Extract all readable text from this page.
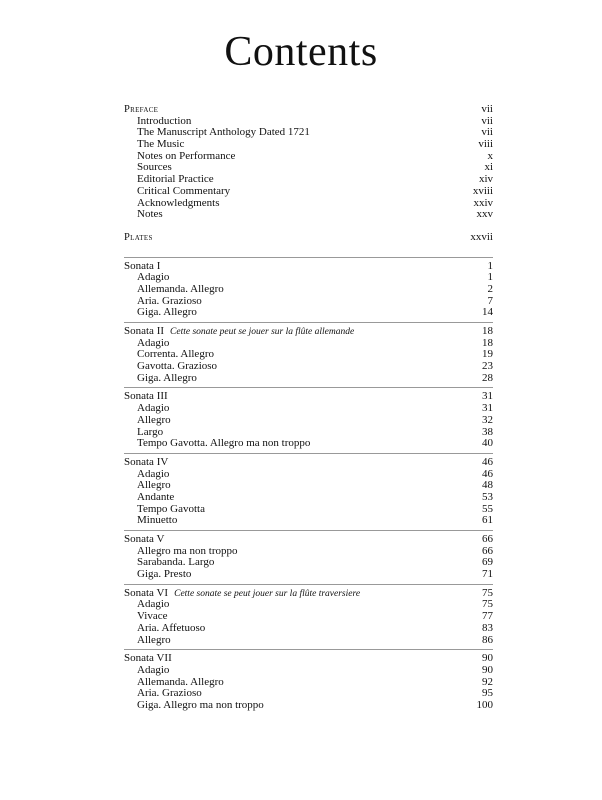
Contents
Preface	vii
Introduction	vii
The Manuscript Anthology Dated 1721	vii
The Music	viii
Notes on Performance	x
Sources	xi
Editorial Practice	xiv
Critical Commentary	xviii
Acknowledgments	xxiv
Notes	xxv
Plates	xxvii
Sonata I	1
Adagio	1
Allemanda. Allegro	2
Aria. Grazioso	7
Giga. Allegro	14
Sonata II Cette sonate peut se jouer sur la flûte allemande	18
Adagio	18
Correnta. Allegro	19
Gavotta. Grazioso	23
Giga. Allegro	28
Sonata III	31
Adagio	31
Allegro	32
Largo	38
Tempo Gavotta. Allegro ma non troppo	40
Sonata IV	46
Adagio	46
Allegro	48
Andante	53
Tempo Gavotta	55
Minuetto	61
Sonata V	66
Allegro ma non troppo	66
Sarabanda. Largo	69
Giga. Presto	71
Sonata VI Cette sonate se peut jouer sur la flûte traversiere	75
Adagio	75
Vivace	77
Aria. Affetuoso	83
Allegro	86
Sonata VII	90
Adagio	90
Allemanda. Allegro	92
Aria. Grazioso	95
Giga. Allegro ma non troppo	100
